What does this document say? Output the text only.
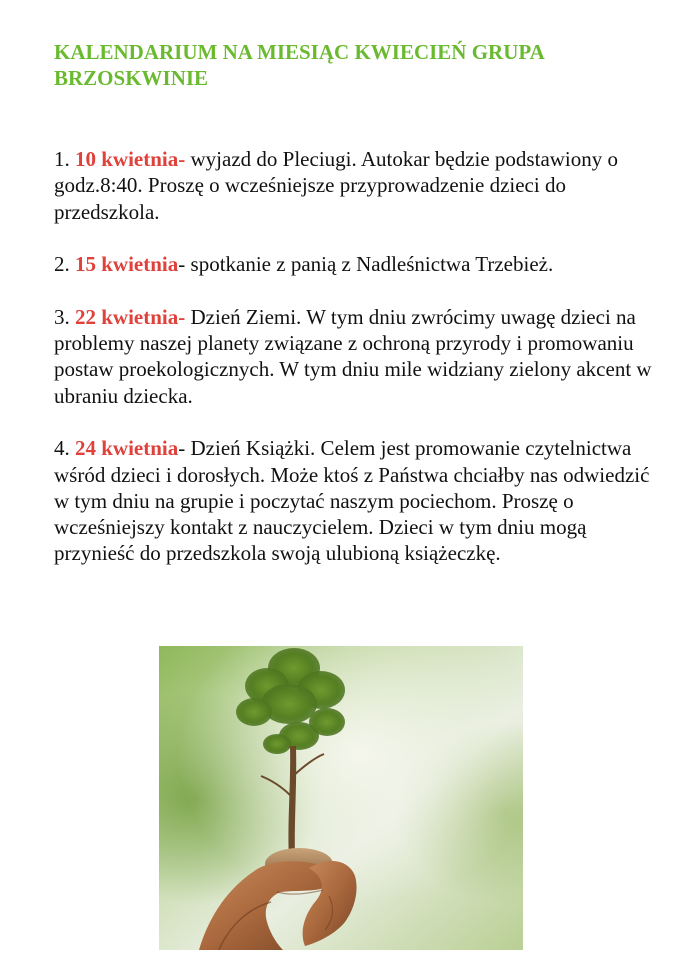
KALENDARIUM NA MIESIĄC KWIECIEŃ GRUPA BRZOSKWINIE
1. 10 kwietnia- wyjazd do Pleciugi. Autokar będzie podstawiony o godz.8:40. Proszę o wcześniejsze przyprowadzenie dzieci do przedszkola.
2. 15 kwietnia- spotkanie z panią z Nadleśnictwa Trzebież.
3. 22 kwietnia- Dzień Ziemi. W tym dniu zwrócimy uwagę dzieci na problemy naszej planety związane z ochroną przyrody i promowaniu postaw proekologicznych. W tym dniu mile widziany zielony akcent w ubraniu dziecka.
4. 24 kwietnia- Dzień Książki. Celem jest promowanie czytelnictwa wśród dzieci i dorosłych. Może ktoś z Państwa chciałby nas odwiedzić w tym dniu na grupie i poczytać naszym pociechom. Proszę o wcześniejszy kontakt z nauczycielem. Dzieci w tym dniu mogą przynieść do przedszkola swoją ulubioną książeczkę.
